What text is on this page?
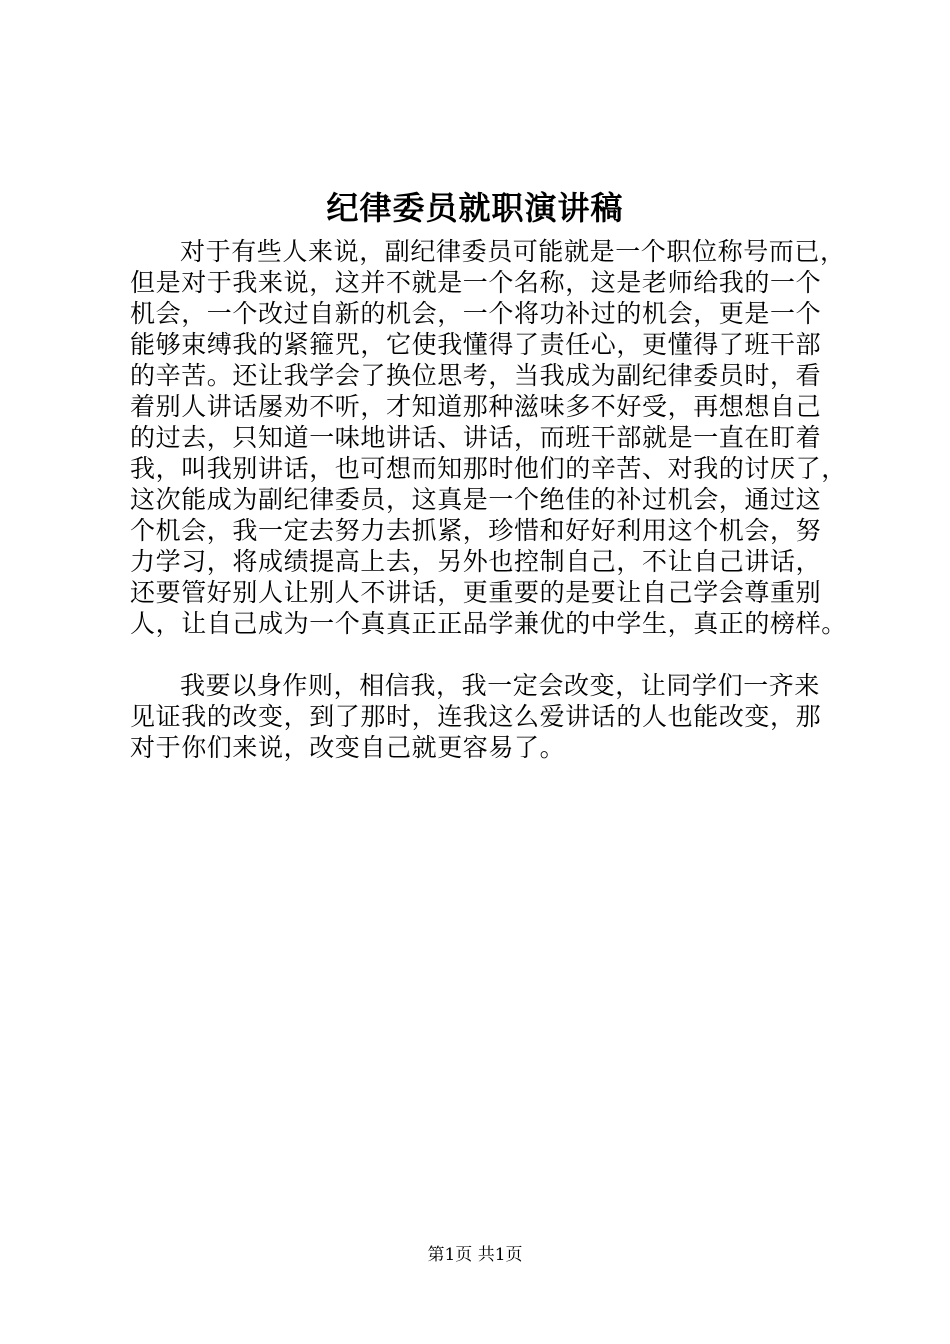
纪律委员就职演讲稿
对于有些人来说，副纪律委员可能就是一个职位称号而已，
但是对于我来说，这并不就是一个名称，这是老师给我的一个
机会，一个改过自新的机会，一个将功补过的机会，更是一个
能够束缚我的紧箍咒，它使我懂得了责任心，更懂得了班干部
的辛苦。还让我学会了换位思考，当我成为副纪律委员时，看
着别人讲话屡劝不听，才知道那种滋味多不好受，再想想自己
的过去，只知道一味地讲话、讲话，而班干部就是一直在盯着
我，叫我别讲话，也可想而知那时他们的辛苦、对我的讨厌了，
这次能成为副纪律委员，这真是一个绝佳的补过机会，通过这
个机会，我一定去努力去抓紧，珍惜和好好利用这个机会，努
力学习，将成绩提高上去，另外也控制自己，不让自己讲话，
还要管好别人让别人不讲话，更重要的是要让自己学会尊重别
人，让自己成为一个真真正正品学兼优的中学生，真正的榜样。
我要以身作则，相信我，我一定会改变，让同学们一齐来
见证我的改变，到了那时，连我这么爱讲话的人也能改变，那
对于你们来说，改变自己就更容易了。
第1页 共1页
